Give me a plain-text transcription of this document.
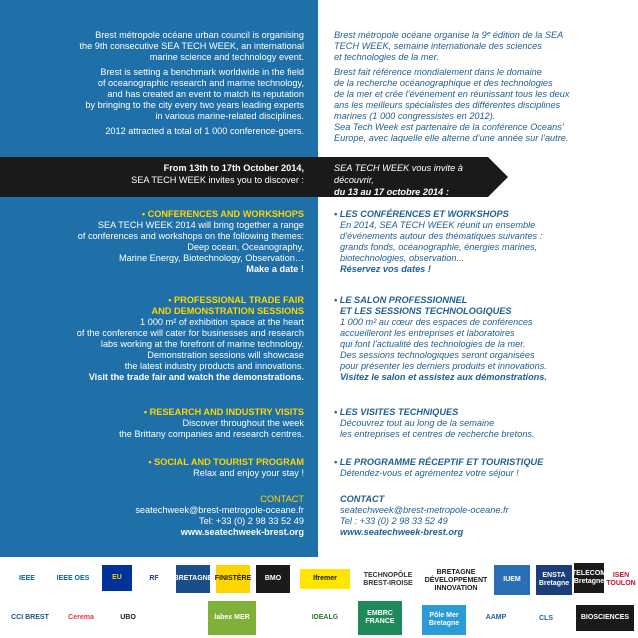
Brest métropole océane urban council is organising

the 9th consecutive SEA TECH WEEK, an international

marine science and technology event.

Brest is setting a benchmark worldwide in the field

of oceanographic research and marine technology,

and has created an event to match its reputation

by bringing to the city every two years leading experts

in various marine-related disciplines.

2012 attracted a total of 1 000 conference-goers.

• CONFERENCES AND WORKSHOPS

SEA TECH WEEK 2014 will bring together a range

of conferences and workshops on the following themes:

Deep ocean, Oceanography,

Marine Energy, Biotechnology, Observation…

Make a date !

• PROFESSIONAL TRADE FAIR

AND DEMONSTRATION SESSIONS

1 000 m² of exhibition space at the heart

of the conference will cater for businesses and research

labs working at the forefront of marine technology.

Demonstration sessions will showcase

the latest industry products and innovations.

Visit the trade fair and watch the demonstrations.

• RESEARCH AND INDUSTRY VISITS

Discover throughout the week

the Brittany companies and research centres.

• SOCIAL AND TOURIST PROGRAM

Relax and enjoy your stay !

CONTACT

seatechweek@brest-metropole-oceane.fr

Tel: +33 (0) 2 98 33 52 49

www.seatechweek-brest.org

Brest métropole océane organise la 9ᵉ édition de la SEA

TECH WEEK, semaine internationale des sciences

et technologies de la mer.

Brest fait référence mondialement dans le domaine

de la recherche océanographique et des technologies

de la mer et crée l’événement en réunissant tous les deux

ans les meilleurs spécialistes des différentes disciplines

marines (1 000 congressistes en 2012).

Sea Tech Week est partenaire de la conférence Oceans’

Europe, avec laquelle elle alterne d’une année sur l’autre.

• LES CONFÉRENCES ET WORKSHOPS

En 2014, SEA TECH WEEK réunit un ensemble

d’événements autour des thématiques suivantes :

grands fonds, océanographie, énergies marines,

biotechnologies, observation...

Réservez vos dates !

• LE SALON PROFESSIONNEL

ET LES SESSIONS TECHNOLOGIQUES

1 000 m² au cœur des espaces de conférences

accueilleront les entreprises et laboratoires

qui font l’actualité des technologies de la mer.

Des sessions technologiques seront organisées

pour présenter les derniers produits et innovations.

Visitez le salon et assistez aux démonstrations.

• LES VISITES TECHNIQUES

Découvrez tout au long de la semaine

les entreprises et centres de recherche bretons.

• LE PROGRAMME RÉCEPTIF ET TOURISTIQUE

Détendez-vous et agrémentez votre séjour !

CONTACT

seatechweek@brest-metropole-oceane.fr

Tel : +33 (0) 2 98 33 52 49

www.seatechweek-brest.org

From 13th to 17th October 2014,

SEA TECH WEEK invites you to discover :

SEA TECH WEEK vous invite à découvrir,

du 13 au 17 octobre 2014 :

IEEE	IEEE OES	EU	RF	BRETAGNE FINISTÈRE	BMO	Ifremer	TECHNOPÔLE BREST-IROISE
BRETAGNE DÉVELOPPEMENT INNOVATION
IUEM
ENSTA Bretagne
TELECOM Bretagne
ISEN TOULON
CCI BREST	Cerema	UBO	labex MER	IDEALG
EMBRC FRANCE
Pôle Mer Bretagne
AAMP	CLS	BIOSCIENCES
